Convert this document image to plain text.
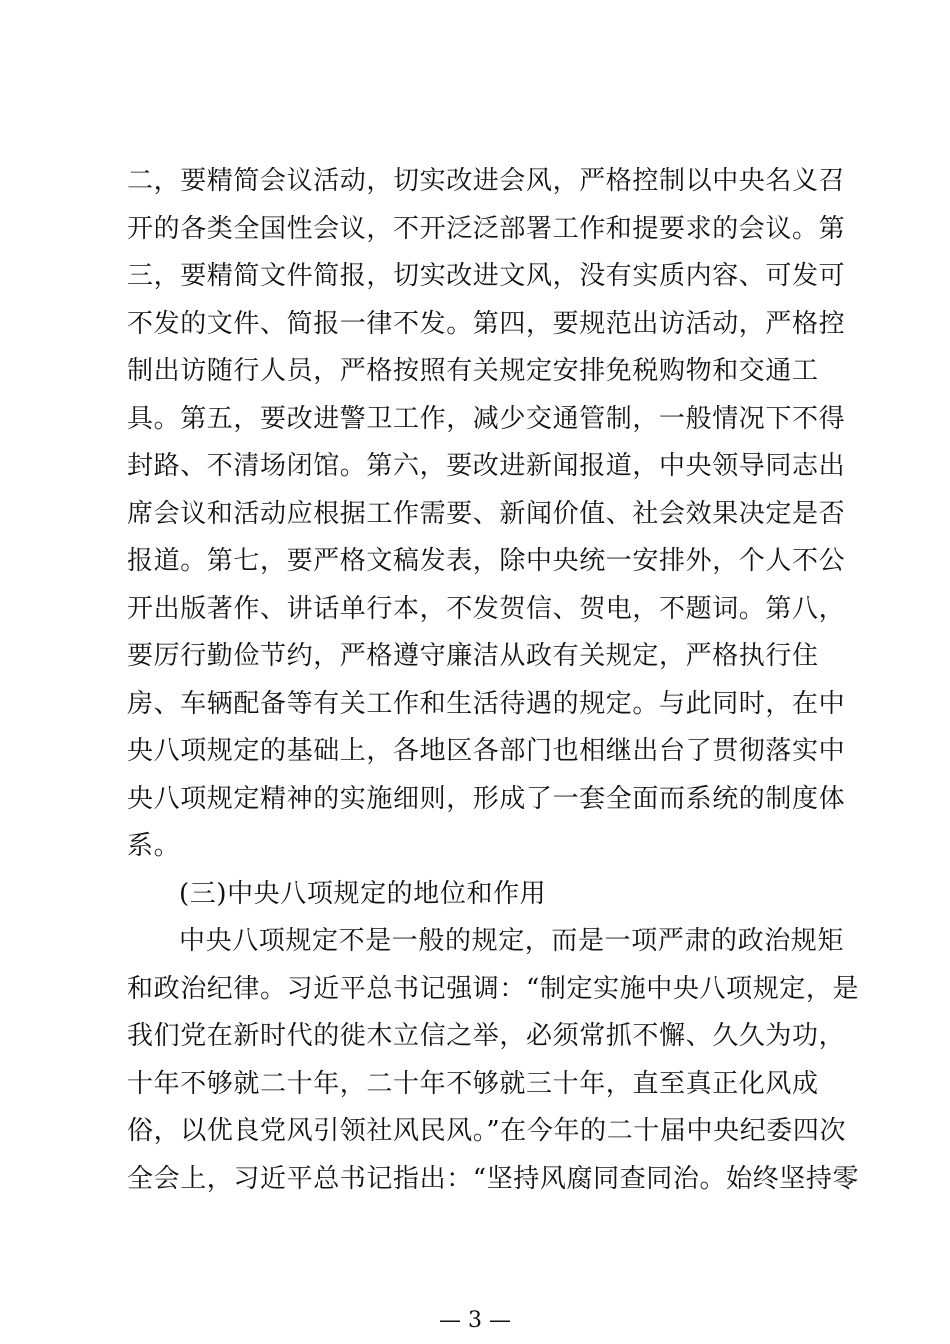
二，要精简会议活动，切实改进会风，严格控制以中央名义召
开的各类全国性会议，不开泛泛部署工作和提要求的会议。第
三，要精简文件简报，切实改进文风，没有实质内容、可发可
不发的文件、简报一律不发。第四，要规范出访活动，严格控
制出访随行人员，严格按照有关规定安排免税购物和交通工
具。第五，要改进警卫工作，减少交通管制，一般情况下不得
封路、不清场闭馆。第六，要改进新闻报道，中央领导同志出
席会议和活动应根据工作需要、新闻价值、社会效果决定是否
报道。第七，要严格文稿发表，除中央统一安排外，个人不公
开出版著作、讲话单行本，不发贺信、贺电，不题词。第八，
要厉行勤俭节约，严格遵守廉洁从政有关规定，严格执行住
房、车辆配备等有关工作和生活待遇的规定。与此同时，在中
央八项规定的基础上，各地区各部门也相继出台了贯彻落实中
央八项规定精神的实施细则，形成了一套全面而系统的制度体
系。
(三)中央八项规定的地位和作用
中央八项规定不是一般的规定，而是一项严肃的政治规矩
和政治纪律。习近平总书记强调：“制定实施中央八项规定，是
我们党在新时代的徙木立信之举，必须常抓不懈、久久为功，
十年不够就二十年，二十年不够就三十年，直至真正化风成
俗，以优良党风引领社风民风。”在今年的二十届中央纪委四次
全会上，习近平总书记指出：“坚持风腐同查同治。始终坚持零
— 3 —
